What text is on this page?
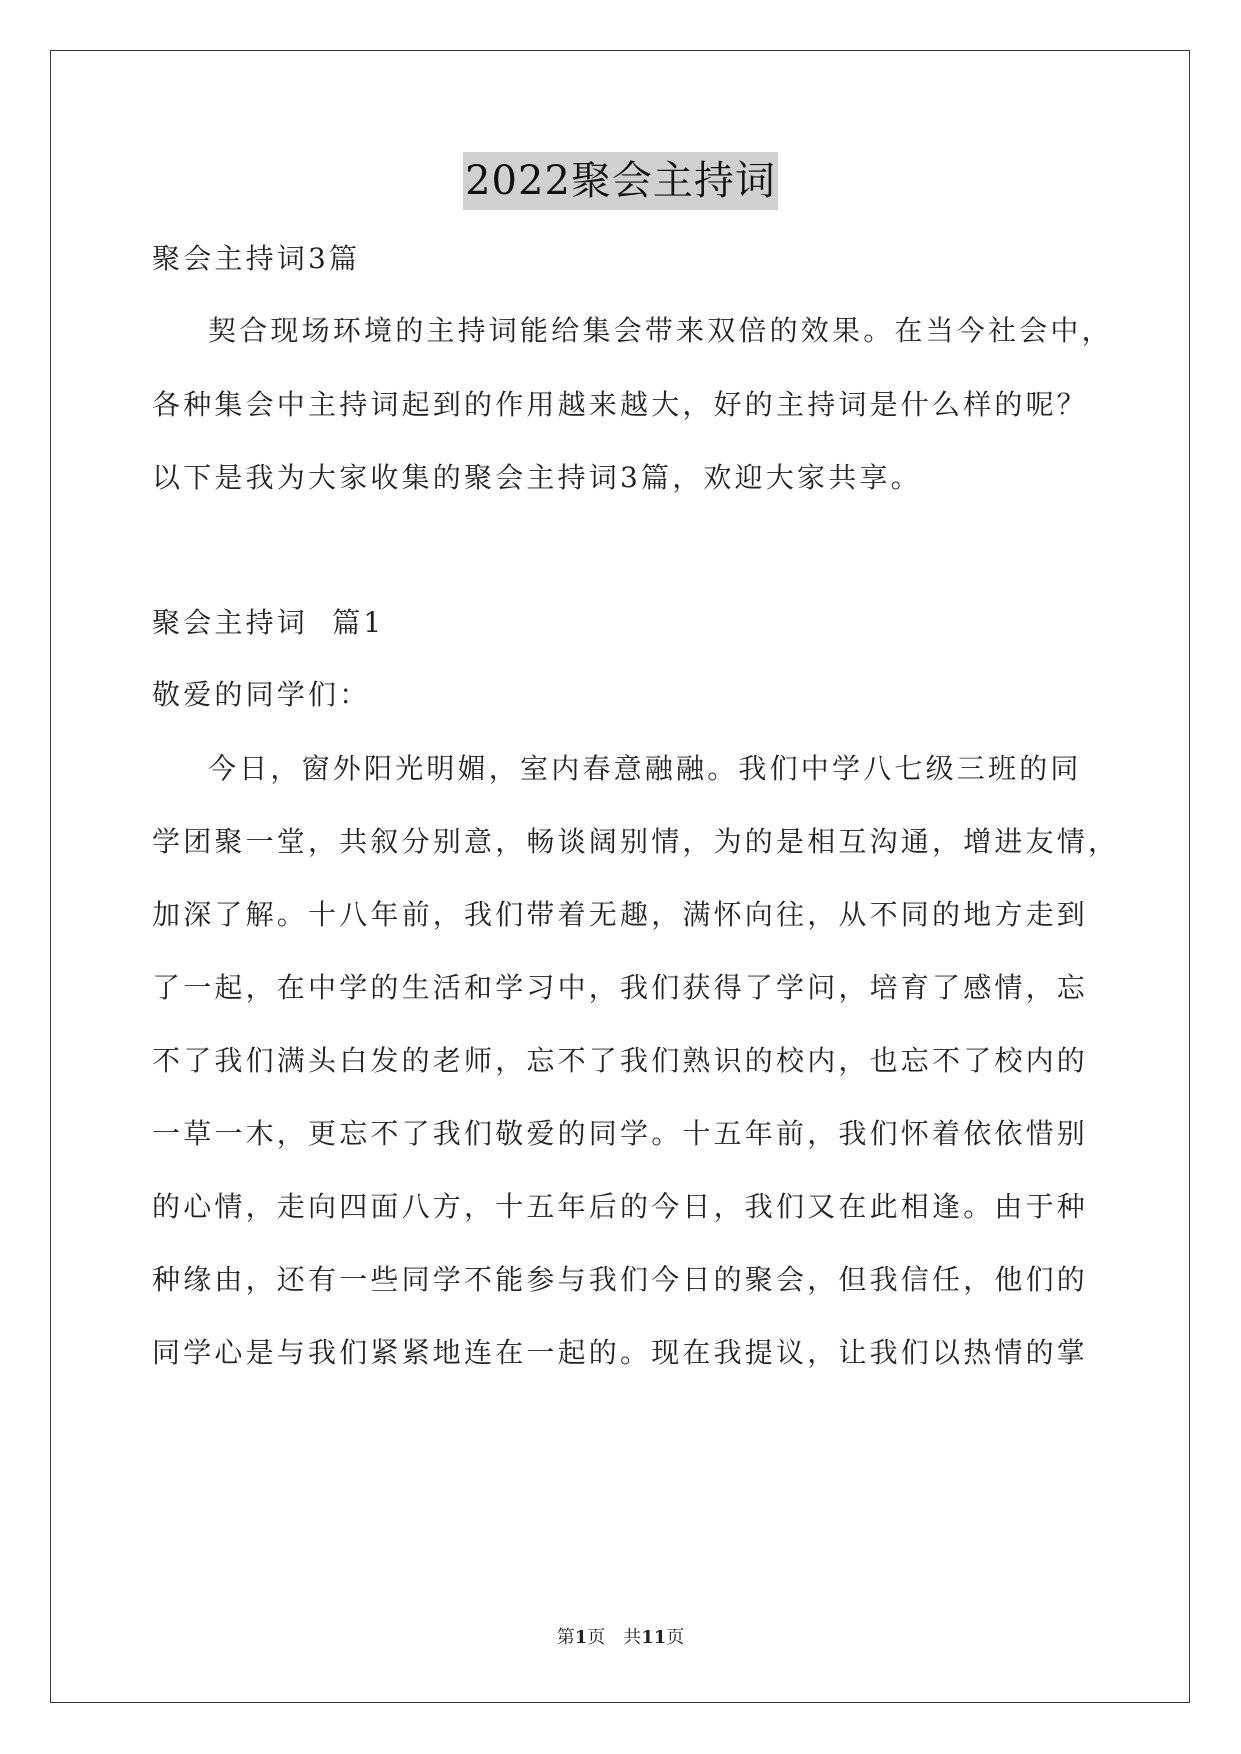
2022聚会主持词
聚会主持词3篇
契合现场环境的主持词能给集会带来双倍的效果。在当今社会中，
各种集会中主持词起到的作用越来越大，好的主持词是什么样的呢？
以下是我为大家收集的聚会主持词3篇，欢迎大家共享。
聚会主持词  篇1
敬爱的同学们：
今日，窗外阳光明媚，室内春意融融。我们中学八七级三班的同
学团聚一堂，共叙分别意，畅谈阔别情，为的是相互沟通，增进友情，
加深了解。十八年前，我们带着无趣，满怀向往，从不同的地方走到
了一起，在中学的生活和学习中，我们获得了学问，培育了感情，忘
不了我们满头白发的老师，忘不了我们熟识的校内，也忘不了校内的
一草一木，更忘不了我们敬爱的同学。十五年前，我们怀着依依惜别
的心情，走向四面八方，十五年后的今日，我们又在此相逢。由于种
种缘由，还有一些同学不能参与我们今日的聚会，但我信任，他们的
同学心是与我们紧紧地连在一起的。现在我提议，让我们以热情的掌
第1页　共11页
